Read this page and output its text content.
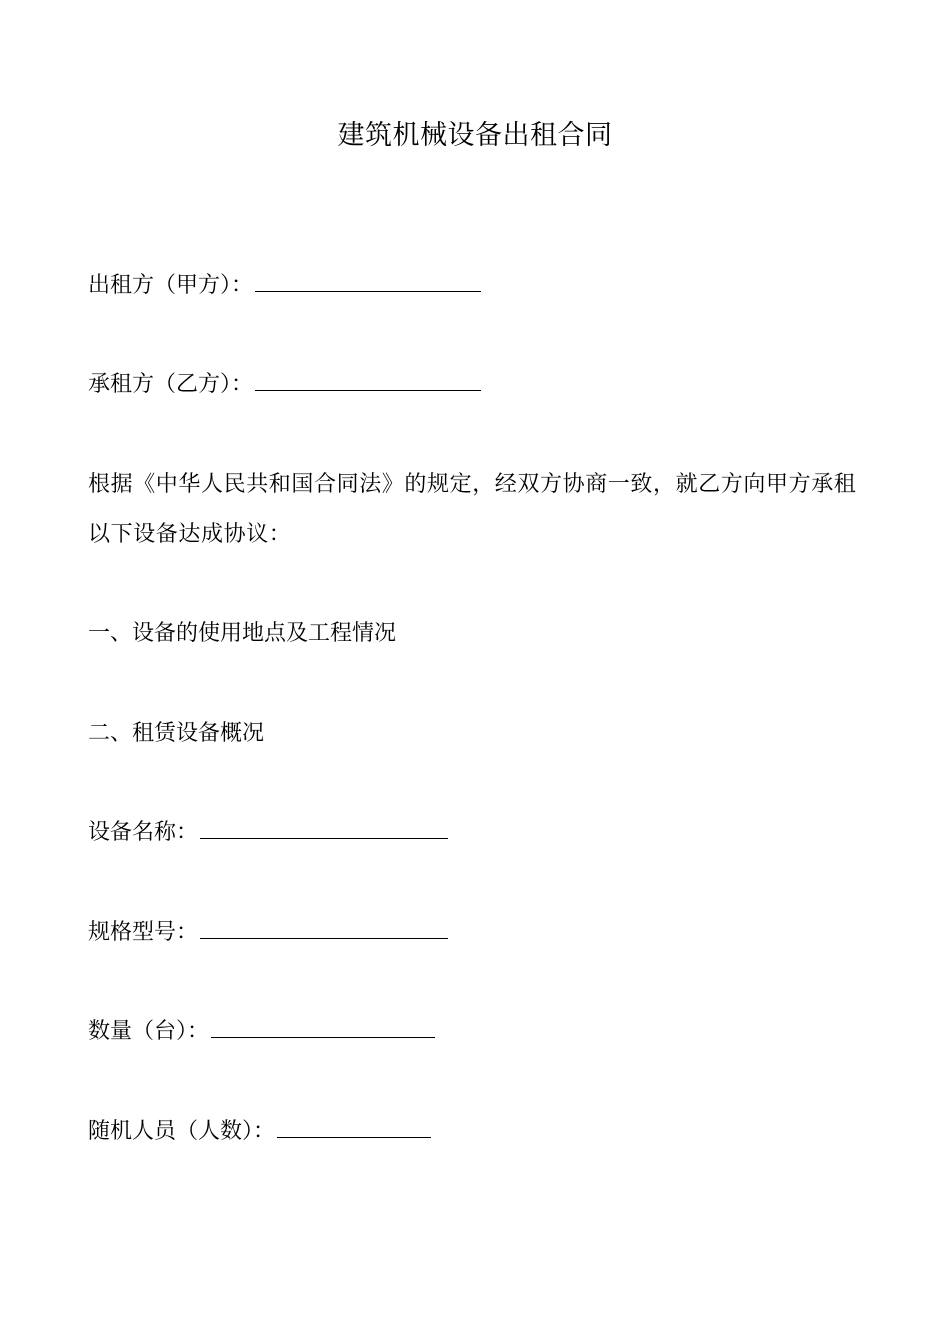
建筑机械设备出租合同
出租方（甲方）：
承租方（乙方）：
根据《中华人民共和国合同法》的规定，经双方协商一致，就乙方向甲方承租以下设备达成协议：
一、设备的使用地点及工程情况
二、租赁设备概况
设备名称：
规格型号：
数量（台）：
随机人员（人数）：
